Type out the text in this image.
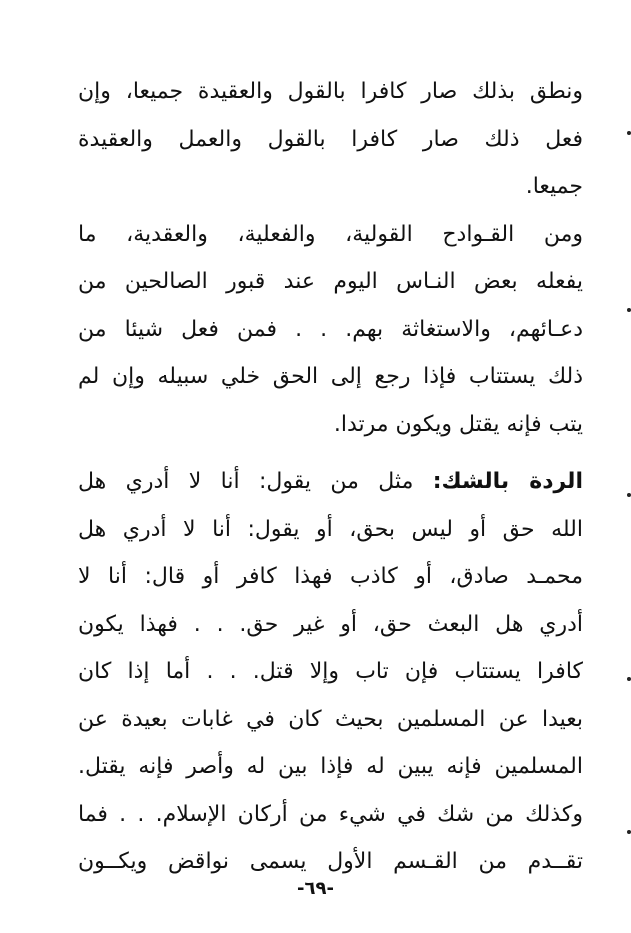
ونطق بذلك صار كافرا بالقول والعقيدة جميعا، وإن
فعل ذلك صار كافرا بالقول والعمل والعقيدة
جميعا.
ومن القـوادح القولية، والفعلية، والعقدية، ما
يفعله بعض النـاس اليوم عند قبور الصالحين من
دعـائهم، والاستغاثة بهم. . . فمن فعل شيئا من
ذلك يستتاب فإذا رجع إلى الحق خلي سبيله وإن لم
يتب فإنه يقتل ويكون مرتدا.
الردة بالشك: مثل من يقول: أنا لا أدري هل
الله حق أو ليس بحق، أو يقول: أنا لا أدري هل
محمـد صادق، أو كاذب فهذا كافر أو قال: أنا لا
أدري هل البعث حق، أو غير حق. . . فهذا يكون
كافرا يستتاب فإن تاب وإلا قتل. . . أما إذا كان
بعيدا عن المسلمين بحيث كان في غابات بعيدة عن
المسلمين فإنه يبين له فإذا بين له وأصر فإنه يقتل.
وكذلك من شك في شيء من أركان الإسلام. . . فما
تقــدم من القـسم الأول يسمى نواقض ويكــون
-٦٩-
